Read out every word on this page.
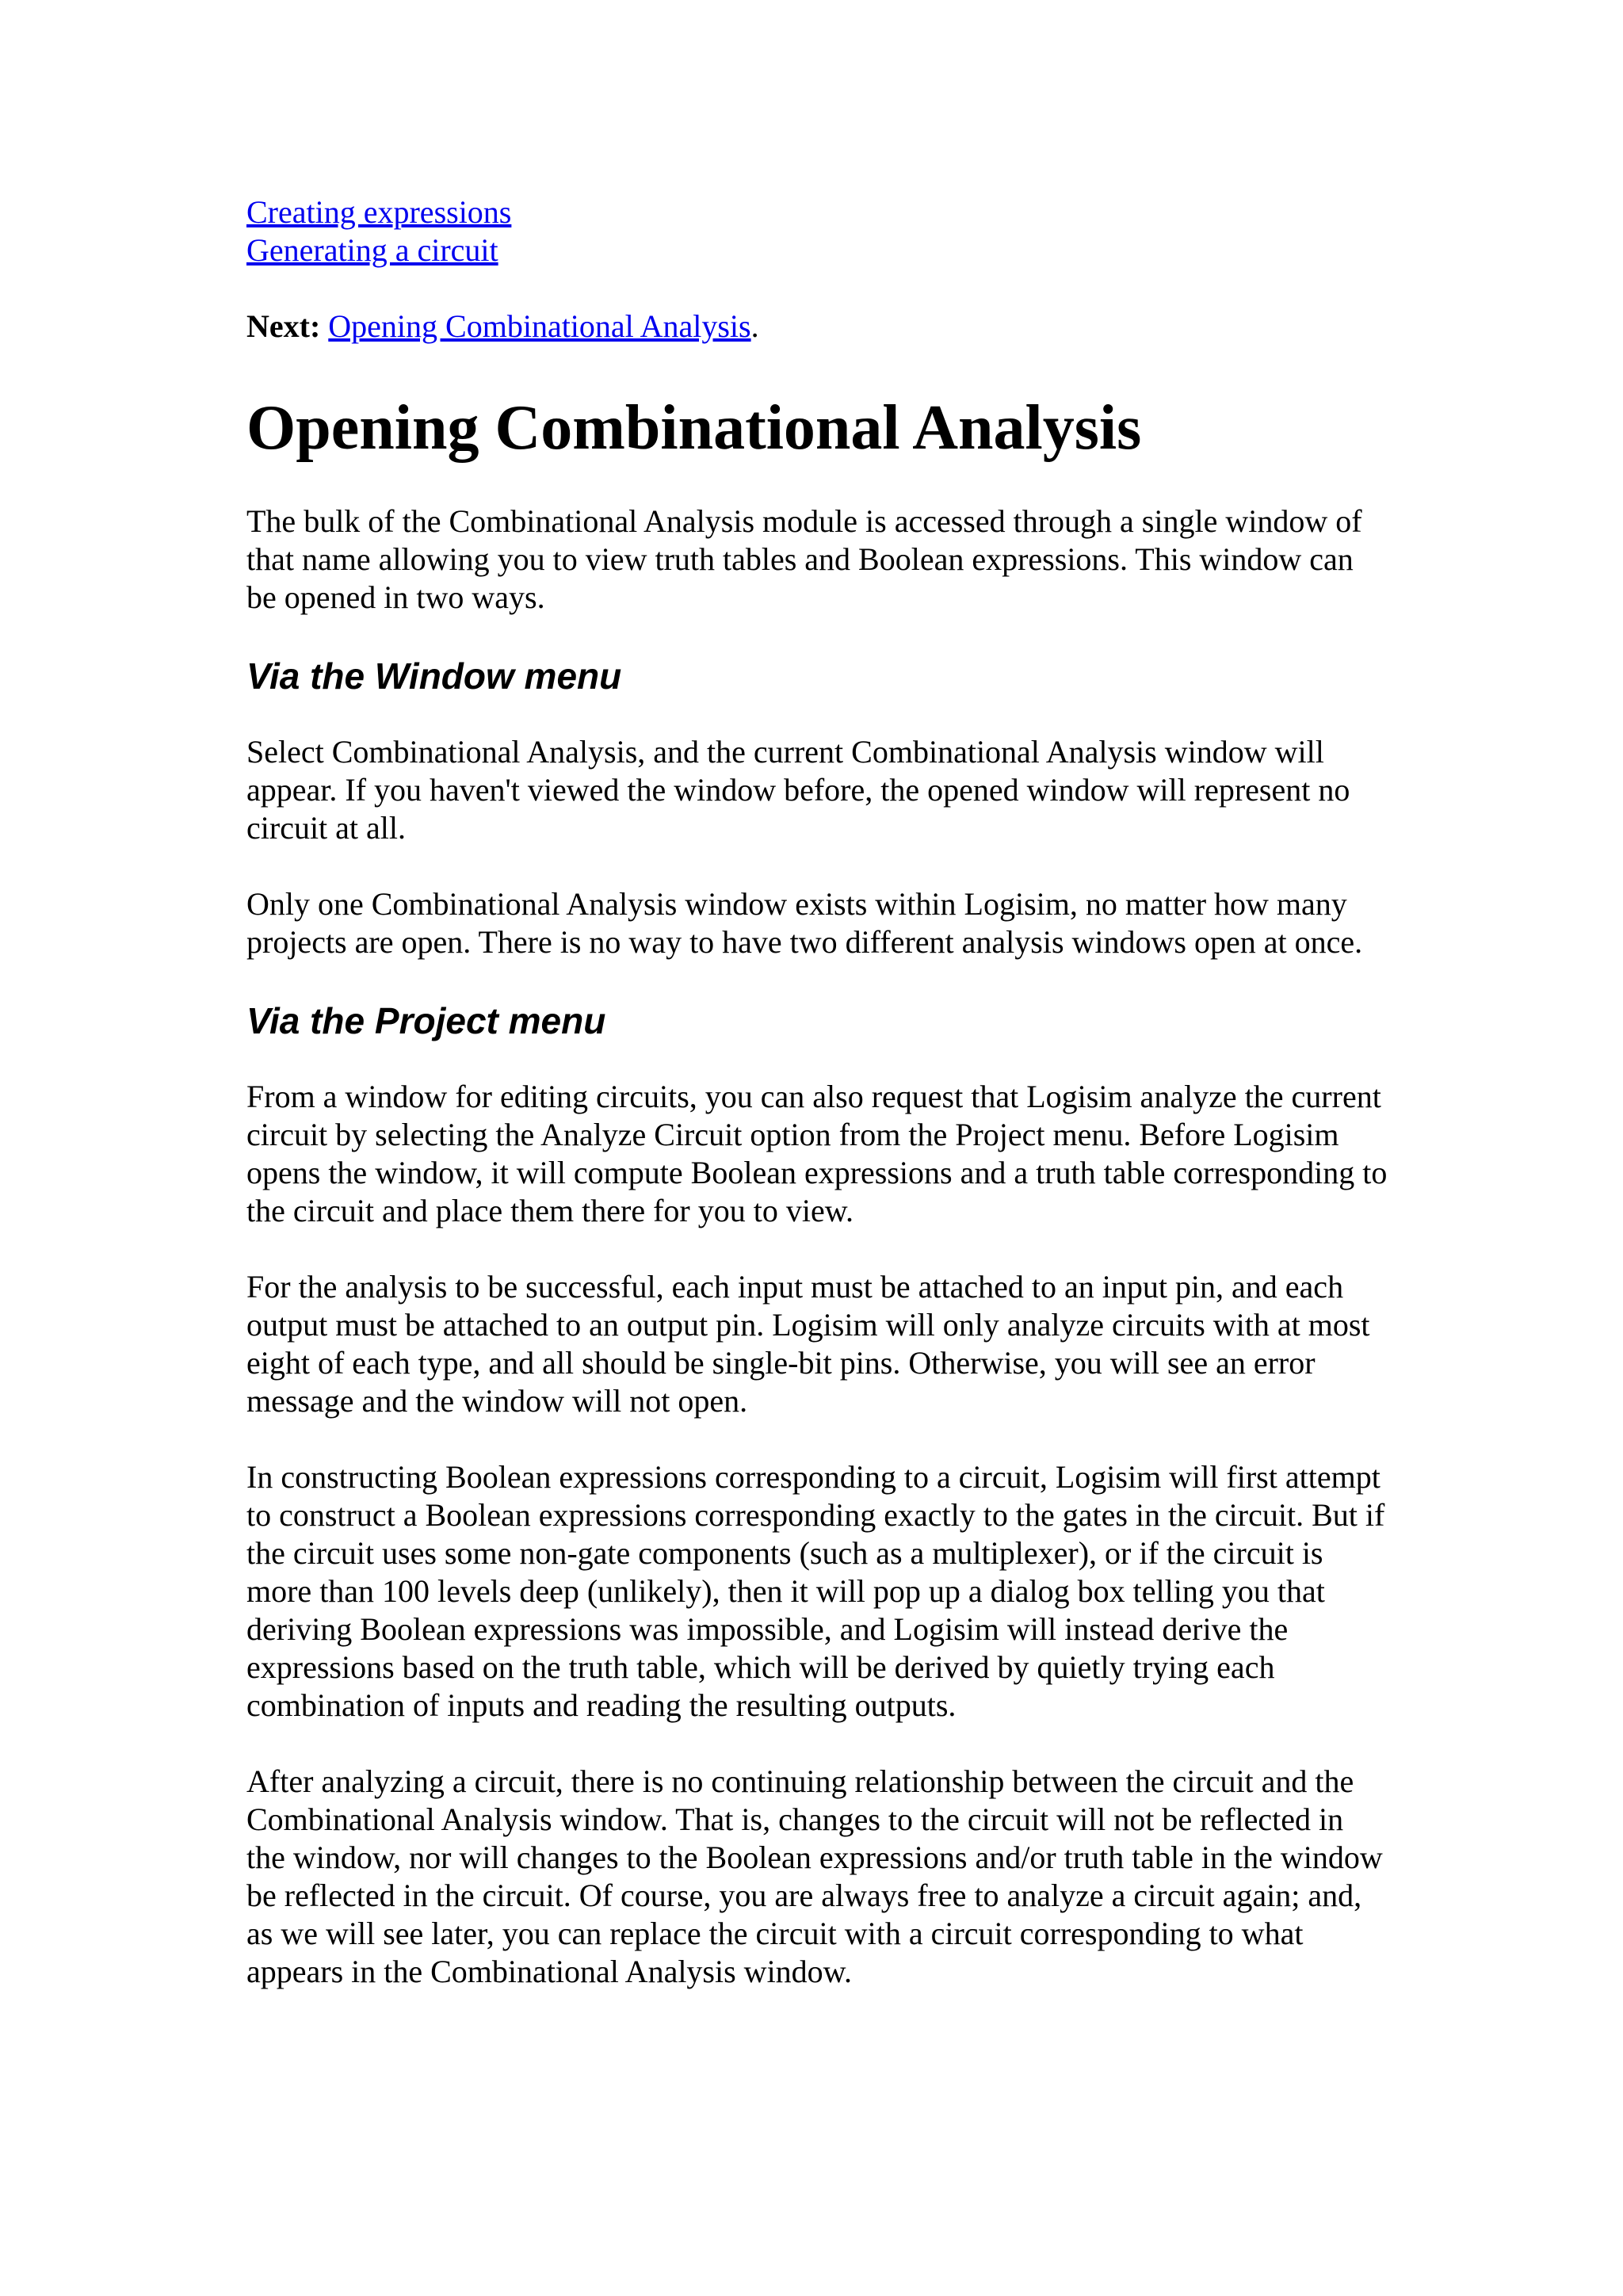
Creating expressions
Generating a circuit

Next: Opening Combinational Analysis.

Opening Combinational Analysis

The bulk of the Combinational Analysis module is accessed through a single window of that name allowing you to view truth tables and Boolean expressions. This window can be opened in two ways.

Via the Window menu

Select Combinational Analysis, and the current Combinational Analysis window will appear. If you haven't viewed the window before, the opened window will represent no circuit at all.

Only one Combinational Analysis window exists within Logisim, no matter how many projects are open. There is no way to have two different analysis windows open at once.

Via the Project menu

From a window for editing circuits, you can also request that Logisim analyze the current circuit by selecting the Analyze Circuit option from the Project menu. Before Logisim opens the window, it will compute Boolean expressions and a truth table corresponding to the circuit and place them there for you to view.

For the analysis to be successful, each input must be attached to an input pin, and each output must be attached to an output pin. Logisim will only analyze circuits with at most eight of each type, and all should be single-bit pins. Otherwise, you will see an error message and the window will not open.

In constructing Boolean expressions corresponding to a circuit, Logisim will first attempt to construct a Boolean expressions corresponding exactly to the gates in the circuit. But if the circuit uses some non-gate components (such as a multiplexer), or if the circuit is more than 100 levels deep (unlikely), then it will pop up a dialog box telling you that deriving Boolean expressions was impossible, and Logisim will instead derive the expressions based on the truth table, which will be derived by quietly trying each combination of inputs and reading the resulting outputs.

After analyzing a circuit, there is no continuing relationship between the circuit and the Combinational Analysis window. That is, changes to the circuit will not be reflected in the window, nor will changes to the Boolean expressions and/or truth table in the window be reflected in the circuit. Of course, you are always free to analyze a circuit again; and, as we will see later, you can replace the circuit with a circuit corresponding to what appears in the Combinational Analysis window.
